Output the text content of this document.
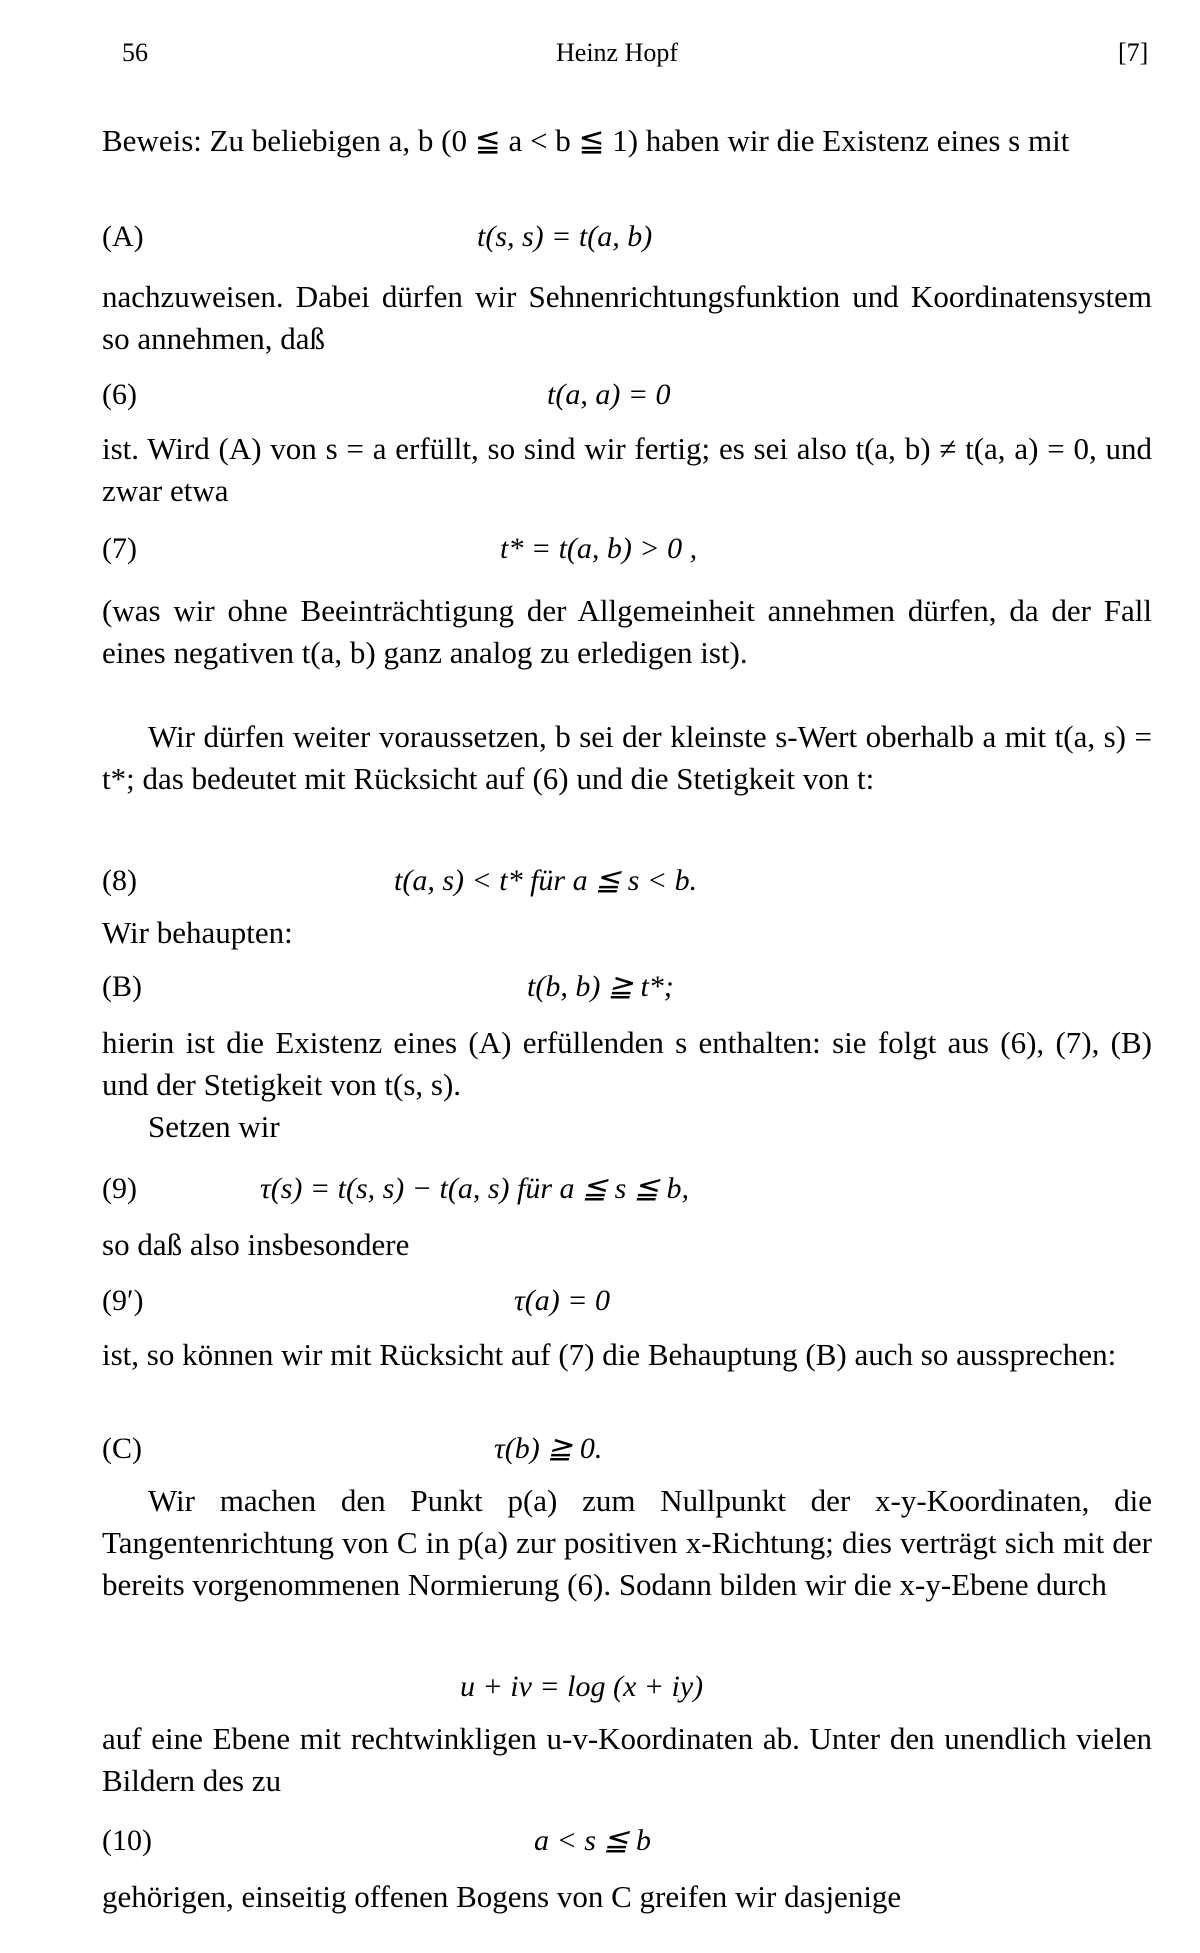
56	Heinz Hopf	[7]
Beweis: Zu beliebigen a, b (0 ≦ a < b ≦ 1) haben wir die Existenz eines s mit
(A)	t(s, s) = t(a, b)
nachzuweisen. Dabei dürfen wir Sehnenrichtungsfunktion und Koordinatensystem so annehmen, daß
(6)	t(a, a) = 0
ist. Wird (A) von s = a erfüllt, so sind wir fertig; es sei also t(a, b) ≠ t(a, a) = 0, und zwar etwa
(7)	t* = t(a, b) > 0 ,
(was wir ohne Beeinträchtigung der Allgemeinheit annehmen dürfen, da der Fall eines negativen t(a, b) ganz analog zu erledigen ist).
Wir dürfen weiter voraussetzen, b sei der kleinste s-Wert oberhalb a mit t(a, s) = t*; das bedeutet mit Rücksicht auf (6) und die Stetigkeit von t:
(8)	t(a, s) < t* für a ≦ s < b.
Wir behaupten:
(B)	t(b, b) ≧ t*;
hierin ist die Existenz eines (A) erfüllenden s enthalten: sie folgt aus (6), (7), (B) und der Stetigkeit von t(s, s).
Setzen wir
(9)	τ(s) = t(s, s) − t(a, s) für a ≦ s ≦ b,
so daß also insbesondere
(9′)	τ(a) = 0
ist, so können wir mit Rücksicht auf (7) die Behauptung (B) auch so aussprechen:
(C)	τ(b) ≧ 0.
Wir machen den Punkt p(a) zum Nullpunkt der x-y-Koordinaten, die Tangentenrichtung von C in p(a) zur positiven x-Richtung; dies verträgt sich mit der bereits vorgenommenen Normierung (6). Sodann bilden wir die x-y-Ebene durch
u + iv = log (x + iy)
auf eine Ebene mit rechtwinkligen u-v-Koordinaten ab. Unter den unendlich vielen Bildern des zu
(10)	a < s ≦ b
gehörigen, einseitig offenen Bogens von C greifen wir dasjenige
